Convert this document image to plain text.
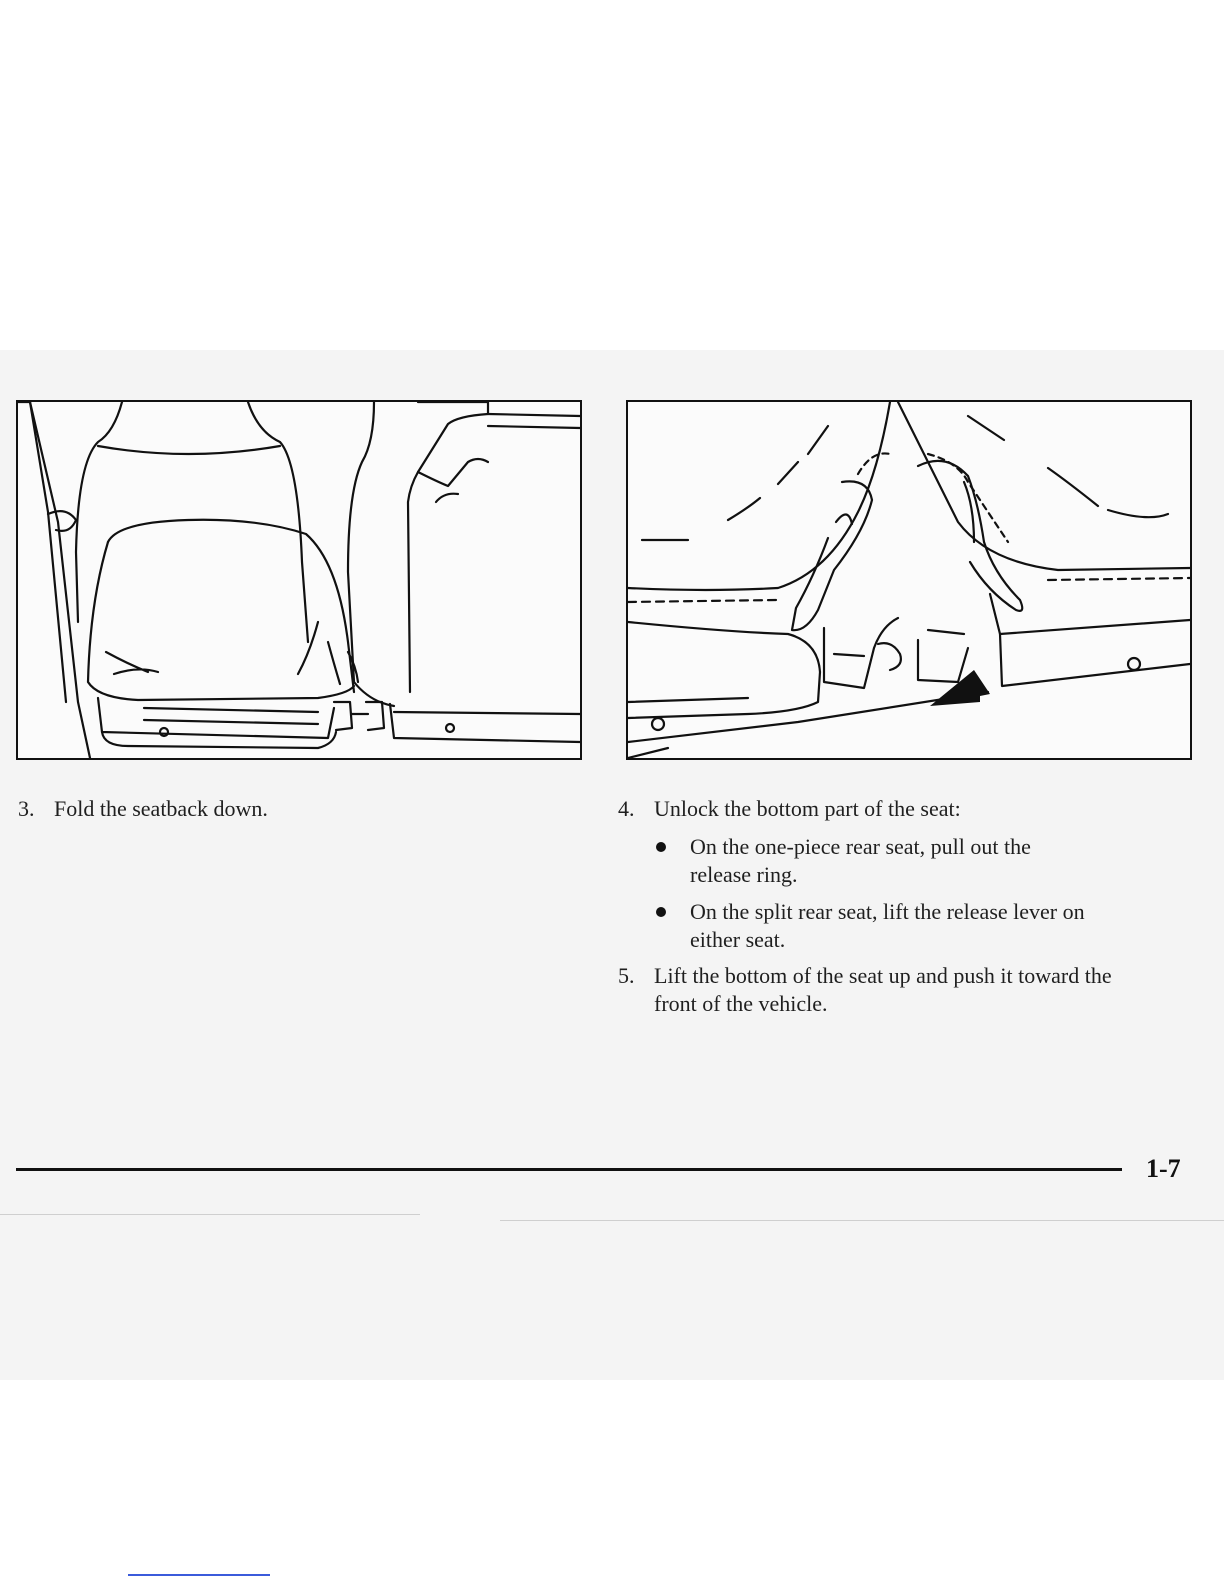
3. Fold the seatback down.	4. Unlock the bottom part of the seat:
On the one-piece rear seat, pull out the
release ring.
On the split rear seat, lift the release lever on
either seat.
5. Lift the bottom of the seat up and push it toward the
front of the vehicle.
1-7
